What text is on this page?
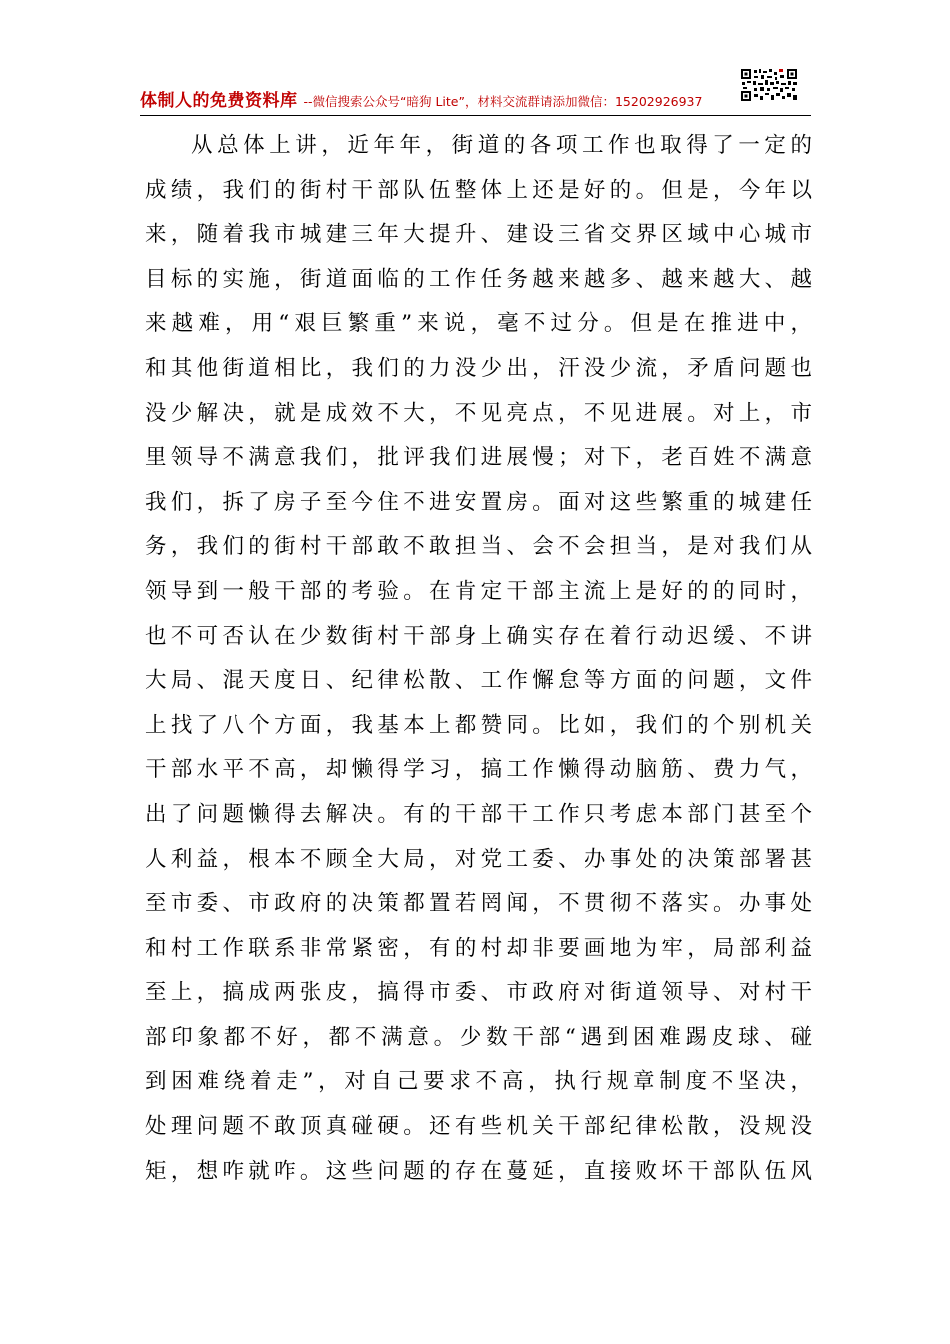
体制人的免费资料库 --微信搜索公众号“暗狗 Lite”，材料交流群请添加微信：15202926937
从总体上讲，近年年，街道的各项工作也取得了一定的
成绩，我们的街村干部队伍整体上还是好的。但是，今年以
来，随着我市城建三年大提升、建设三省交界区域中心城市
目标的实施，街道面临的工作任务越来越多、越来越大、越
来越难，用“艰巨繁重”来说，毫不过分。但是在推进中，
和其他街道相比，我们的力没少出，汗没少流，矛盾问题也
没少解决，就是成效不大，不见亮点，不见进展。对上，市
里领导不满意我们，批评我们进展慢；对下，老百姓不满意
我们，拆了房子至今住不进安置房。面对这些繁重的城建任
务，我们的街村干部敢不敢担当、会不会担当，是对我们从
领导到一般干部的考验。在肯定干部主流上是好的的同时，
也不可否认在少数街村干部身上确实存在着行动迟缓、不讲
大局、混天度日、纪律松散、工作懈怠等方面的问题，文件
上找了八个方面，我基本上都赞同。比如，我们的个别机关
干部水平不高，却懒得学习，搞工作懒得动脑筋、费力气，
出了问题懒得去解决。有的干部干工作只考虑本部门甚至个
人利益，根本不顾全大局，对党工委、办事处的决策部署甚
至市委、市政府的决策都置若罔闻，不贯彻不落实。办事处
和村工作联系非常紧密，有的村却非要画地为牢，局部利益
至上，搞成两张皮，搞得市委、市政府对街道领导、对村干
部印象都不好，都不满意。少数干部“遇到困难踢皮球、碰
到困难绕着走”，对自己要求不高，执行规章制度不坚决，
处理问题不敢顶真碰硬。还有些机关干部纪律松散，没规没
矩，想咋就咋。这些问题的存在蔓延，直接败坏干部队伍风
